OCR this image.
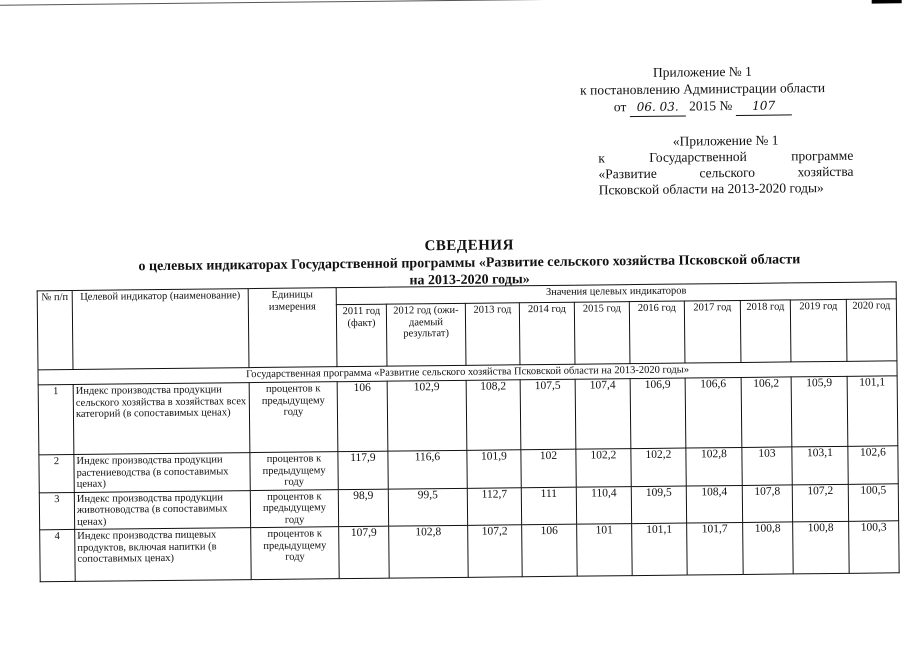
Приложение № 1
к постановлению Администрации области
от 06. 03. 2015 № 107
«Приложение № 1
к Государственной программе
«Развитие сельского хозяйства
Псковской области на 2013-2020 годы»
СВЕДЕНИЯ
о целевых индикаторах Государственной программы «Развитие сельского хозяйства Псковской области
на 2013-2020 годы»
№ п/п	Целевой индикатор (наименование)	Единицы измерения	Значения целевых индикаторов									
			2011 год (факт)	2012 год (ожи-даемый результат)	2013 год	2014 год	2015 год	2016 год	2017 год	2018 год	2019 год	2020 год
Государственная программа «Развитие сельского хозяйства Псковской области на 2013-2020 годы»												
1	Индекс производства продукции сельского хозяйства в хозяйствах всех категорий (в сопоставимых ценах)	процентов к предыдущему году	106	102,9	108,2	107,5	107,4	106,9	106,6	106,2	105,9	101,1
2	Индекс производства продукции растениеводства (в сопоставимых ценах)	процентов к предыдущему году	117,9	116,6	101,9	102	102,2	102,2	102,8	103	103,1	102,6
3	Индекс производства продукции животноводства (в сопоставимых ценах)	процентов к предыдущему году	98,9	99,5	112,7	111	110,4	109,5	108,4	107,8	107,2	100,5
4	Индекс производства пищевых продуктов, включая напитки (в сопоставимых ценах)	процентов к предыдущему году	107,9	102,8	107,2	106	101	101,1	101,7	100,8	100,8	100,3
